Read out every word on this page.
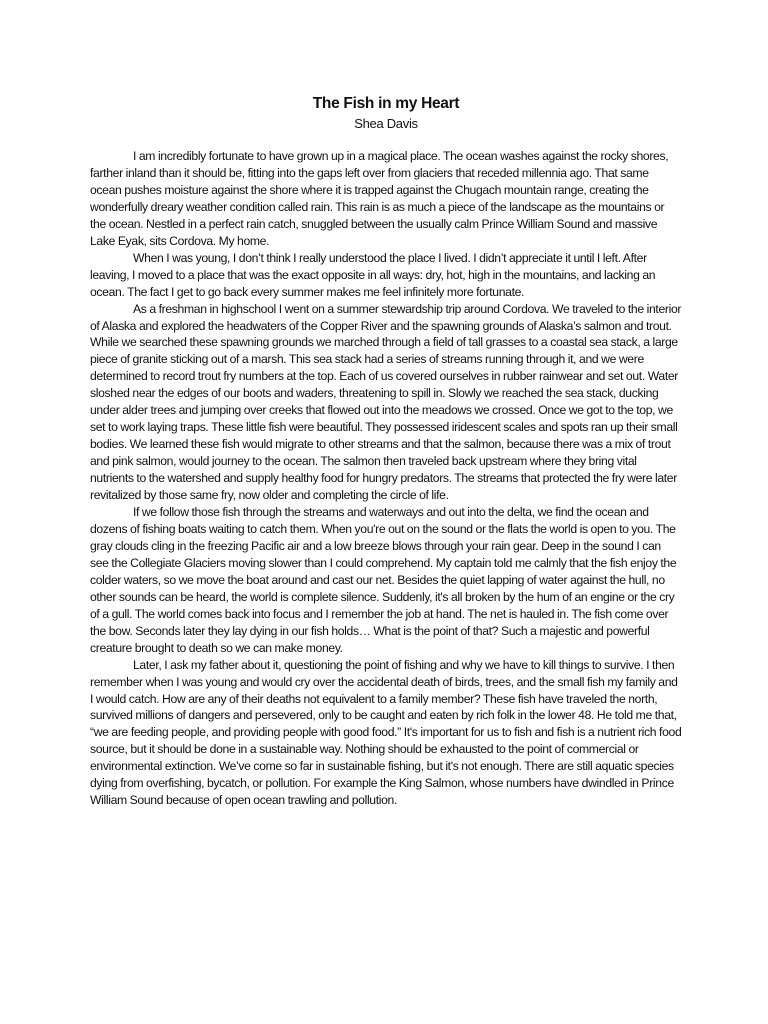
The Fish in my Heart
Shea Davis

I am incredibly fortunate to have grown up in a magical place. The ocean washes against the rocky shores, farther inland than it should be, fitting into the gaps left over from glaciers that receded millennia ago. That same ocean pushes moisture against the shore where it is trapped against the Chugach mountain range, creating the wonderfully dreary weather condition called rain. This rain is as much a piece of the landscape as the mountains or the ocean. Nestled in a perfect rain catch, snuggled between the usually calm Prince William Sound and massive Lake Eyak, sits Cordova. My home.

When I was young, I don’t think I really understood the place I lived. I didn’t appreciate it until I left. After leaving, I moved to a place that was the exact opposite in all ways: dry, hot, high in the mountains, and lacking an ocean. The fact I get to go back every summer makes me feel infinitely more fortunate.

As a freshman in highschool I went on a summer stewardship trip around Cordova. We traveled to the interior of Alaska and explored the headwaters of the Copper River and the spawning grounds of Alaska’s salmon and trout. While we searched these spawning grounds we marched through a field of tall grasses to a coastal sea stack, a large piece of granite sticking out of a marsh. This sea stack had a series of streams running through it, and we were determined to record trout fry numbers at the top. Each of us covered ourselves in rubber rainwear and set out. Water sloshed near the edges of our boots and waders, threatening to spill in. Slowly we reached the sea stack, ducking under alder trees and jumping over creeks that flowed out into the meadows we crossed. Once we got to the top, we set to work laying traps. These little fish were beautiful. They possessed iridescent scales and spots ran up their small bodies. We learned these fish would migrate to other streams and that the salmon, because there was a mix of trout and pink salmon, would journey to the ocean. The salmon then traveled back upstream where they bring vital nutrients to the watershed and supply healthy food for hungry predators. The streams that protected the fry were later revitalized by those same fry, now older and completing the circle of life.

If we follow those fish through the streams and waterways and out into the delta, we find the ocean and dozens of fishing boats waiting to catch them. When you're out on the sound or the flats the world is open to you. The gray clouds cling in the freezing Pacific air and a low breeze blows through your rain gear. Deep in the sound I can see the Collegiate Glaciers moving slower than I could comprehend. My captain told me calmly that the fish enjoy the colder waters, so we move the boat around and cast our net. Besides the quiet lapping of water against the hull, no other sounds can be heard, the world is complete silence. Suddenly, it's all broken by the hum of an engine or the cry of a gull. The world comes back into focus and I remember the job at hand. The net is hauled in. The fish come over the bow. Seconds later they lay dying in our fish holds… What is the point of that? Such a majestic and powerful creature brought to death so we can make money.

Later, I ask my father about it, questioning the point of fishing and why we have to kill things to survive. I then remember when I was young and would cry over the accidental death of birds, trees, and the small fish my family and I would catch. How are any of their deaths not equivalent to a family member? These fish have traveled the north, survived millions of dangers and persevered, only to be caught and eaten by rich folk in the lower 48. He told me that, “we are feeding people, and providing people with good food.” It's important for us to fish and fish is a nutrient rich food source, but it should be done in a sustainable way. Nothing should be exhausted to the point of commercial or environmental extinction. We’ve come so far in sustainable fishing, but it's not enough. There are still aquatic species dying from overfishing, bycatch, or pollution. For example the King Salmon, whose numbers have dwindled in Prince William Sound because of open ocean trawling and pollution.
